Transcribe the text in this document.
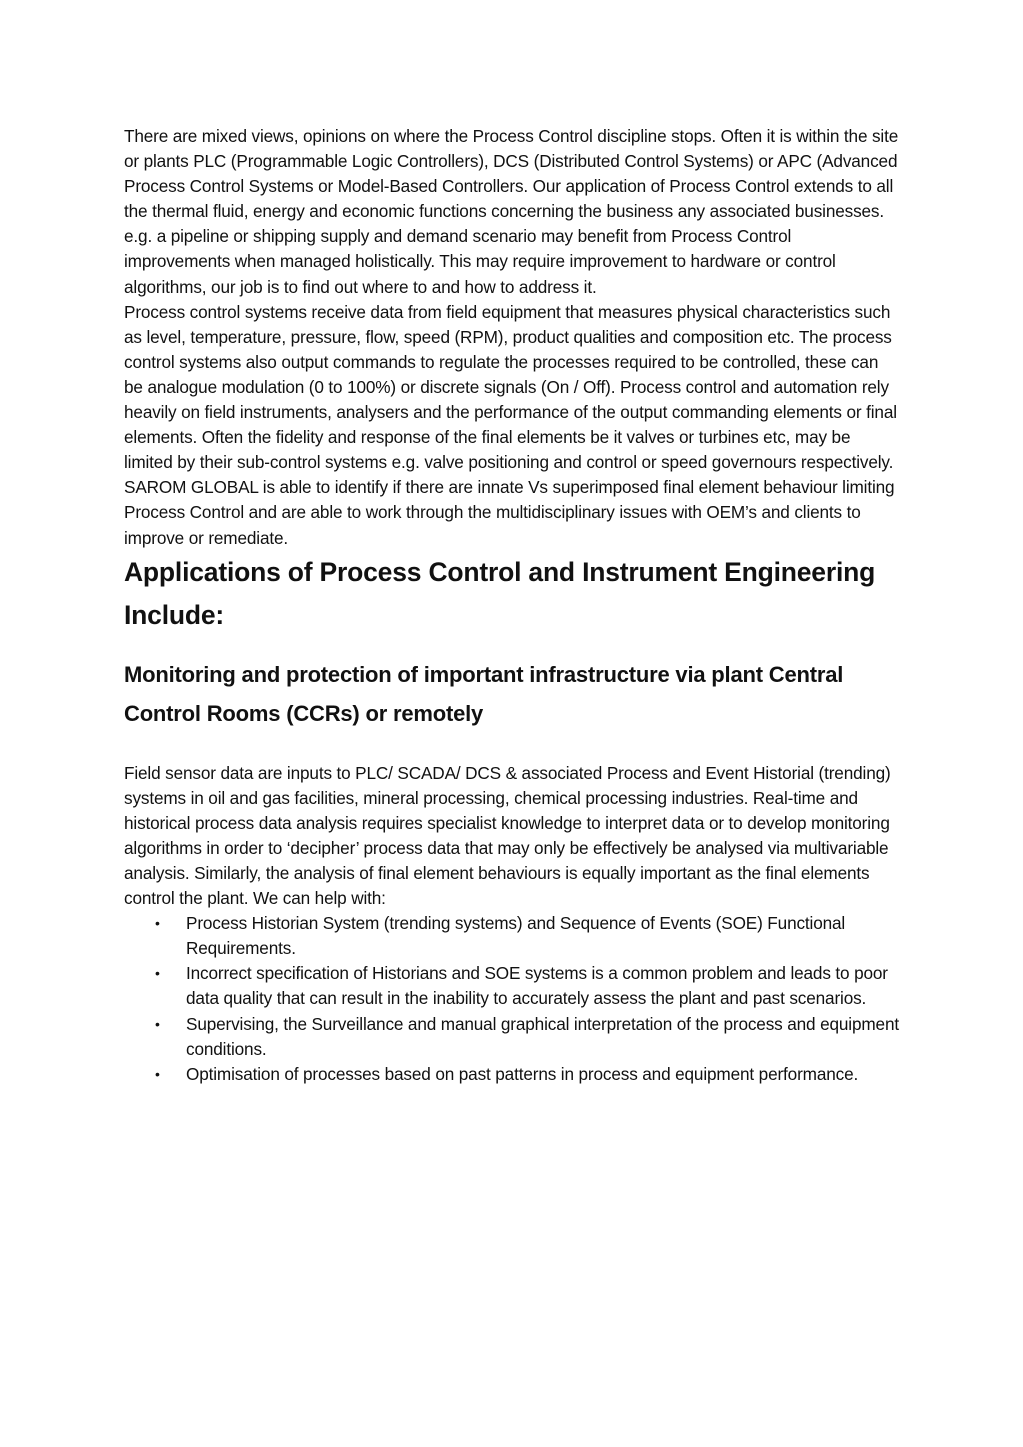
There are mixed views, opinions on where the Process Control discipline stops. Often it is within the site or plants PLC (Programmable Logic Controllers), DCS (Distributed Control Systems) or APC (Advanced Process Control Systems or Model-Based Controllers. Our application of Process Control extends to all the thermal fluid, energy and economic functions concerning the business any associated businesses. e.g. a pipeline or shipping supply and demand scenario may benefit from Process Control improvements when managed holistically. This may require improvement to hardware or control algorithms, our job is to find out where to and how to address it.

Process control systems receive data from field equipment that measures physical characteristics such as level, temperature, pressure, flow, speed (RPM), product qualities and composition etc. The process control systems also output commands to regulate the processes required to be controlled, these can be analogue modulation (0 to 100%) or discrete signals (On / Off). Process control and automation rely heavily on field instruments, analysers and the performance of the output commanding elements or final elements. Often the fidelity and response of the final elements be it valves or turbines etc, may be limited by their sub-control systems e.g. valve positioning and control or speed governours respectively. SAROM GLOBAL is able to identify if there are innate Vs superimposed final element behaviour limiting Process Control and are able to work through the multidisciplinary issues with OEM’s and clients to improve or remediate.

Applications of Process Control and Instrument Engineering Include:
Monitoring and protection of important infrastructure via plant Central Control Rooms (CCRs) or remotely

Field sensor data are inputs to PLC/ SCADA/ DCS & associated Process and Event Historial (trending) systems in oil and gas facilities, mineral processing, chemical processing industries. Real-time and historical process data analysis requires specialist knowledge to interpret data or to develop monitoring algorithms in order to ‘decipher’ process data that may only be effectively be analysed via multivariable analysis. Similarly, the analysis of final element behaviours is equally important as the final elements control the plant. We can help with:

• Process Historian System (trending systems) and Sequence of Events (SOE) Functional Requirements.
• Incorrect specification of Historians and SOE systems is a common problem and leads to poor data quality that can result in the inability to accurately assess the plant and past scenarios.
• Supervising, the Surveillance and manual graphical interpretation of the process and equipment conditions.
• Optimisation of processes based on past patterns in process and equipment performance.
